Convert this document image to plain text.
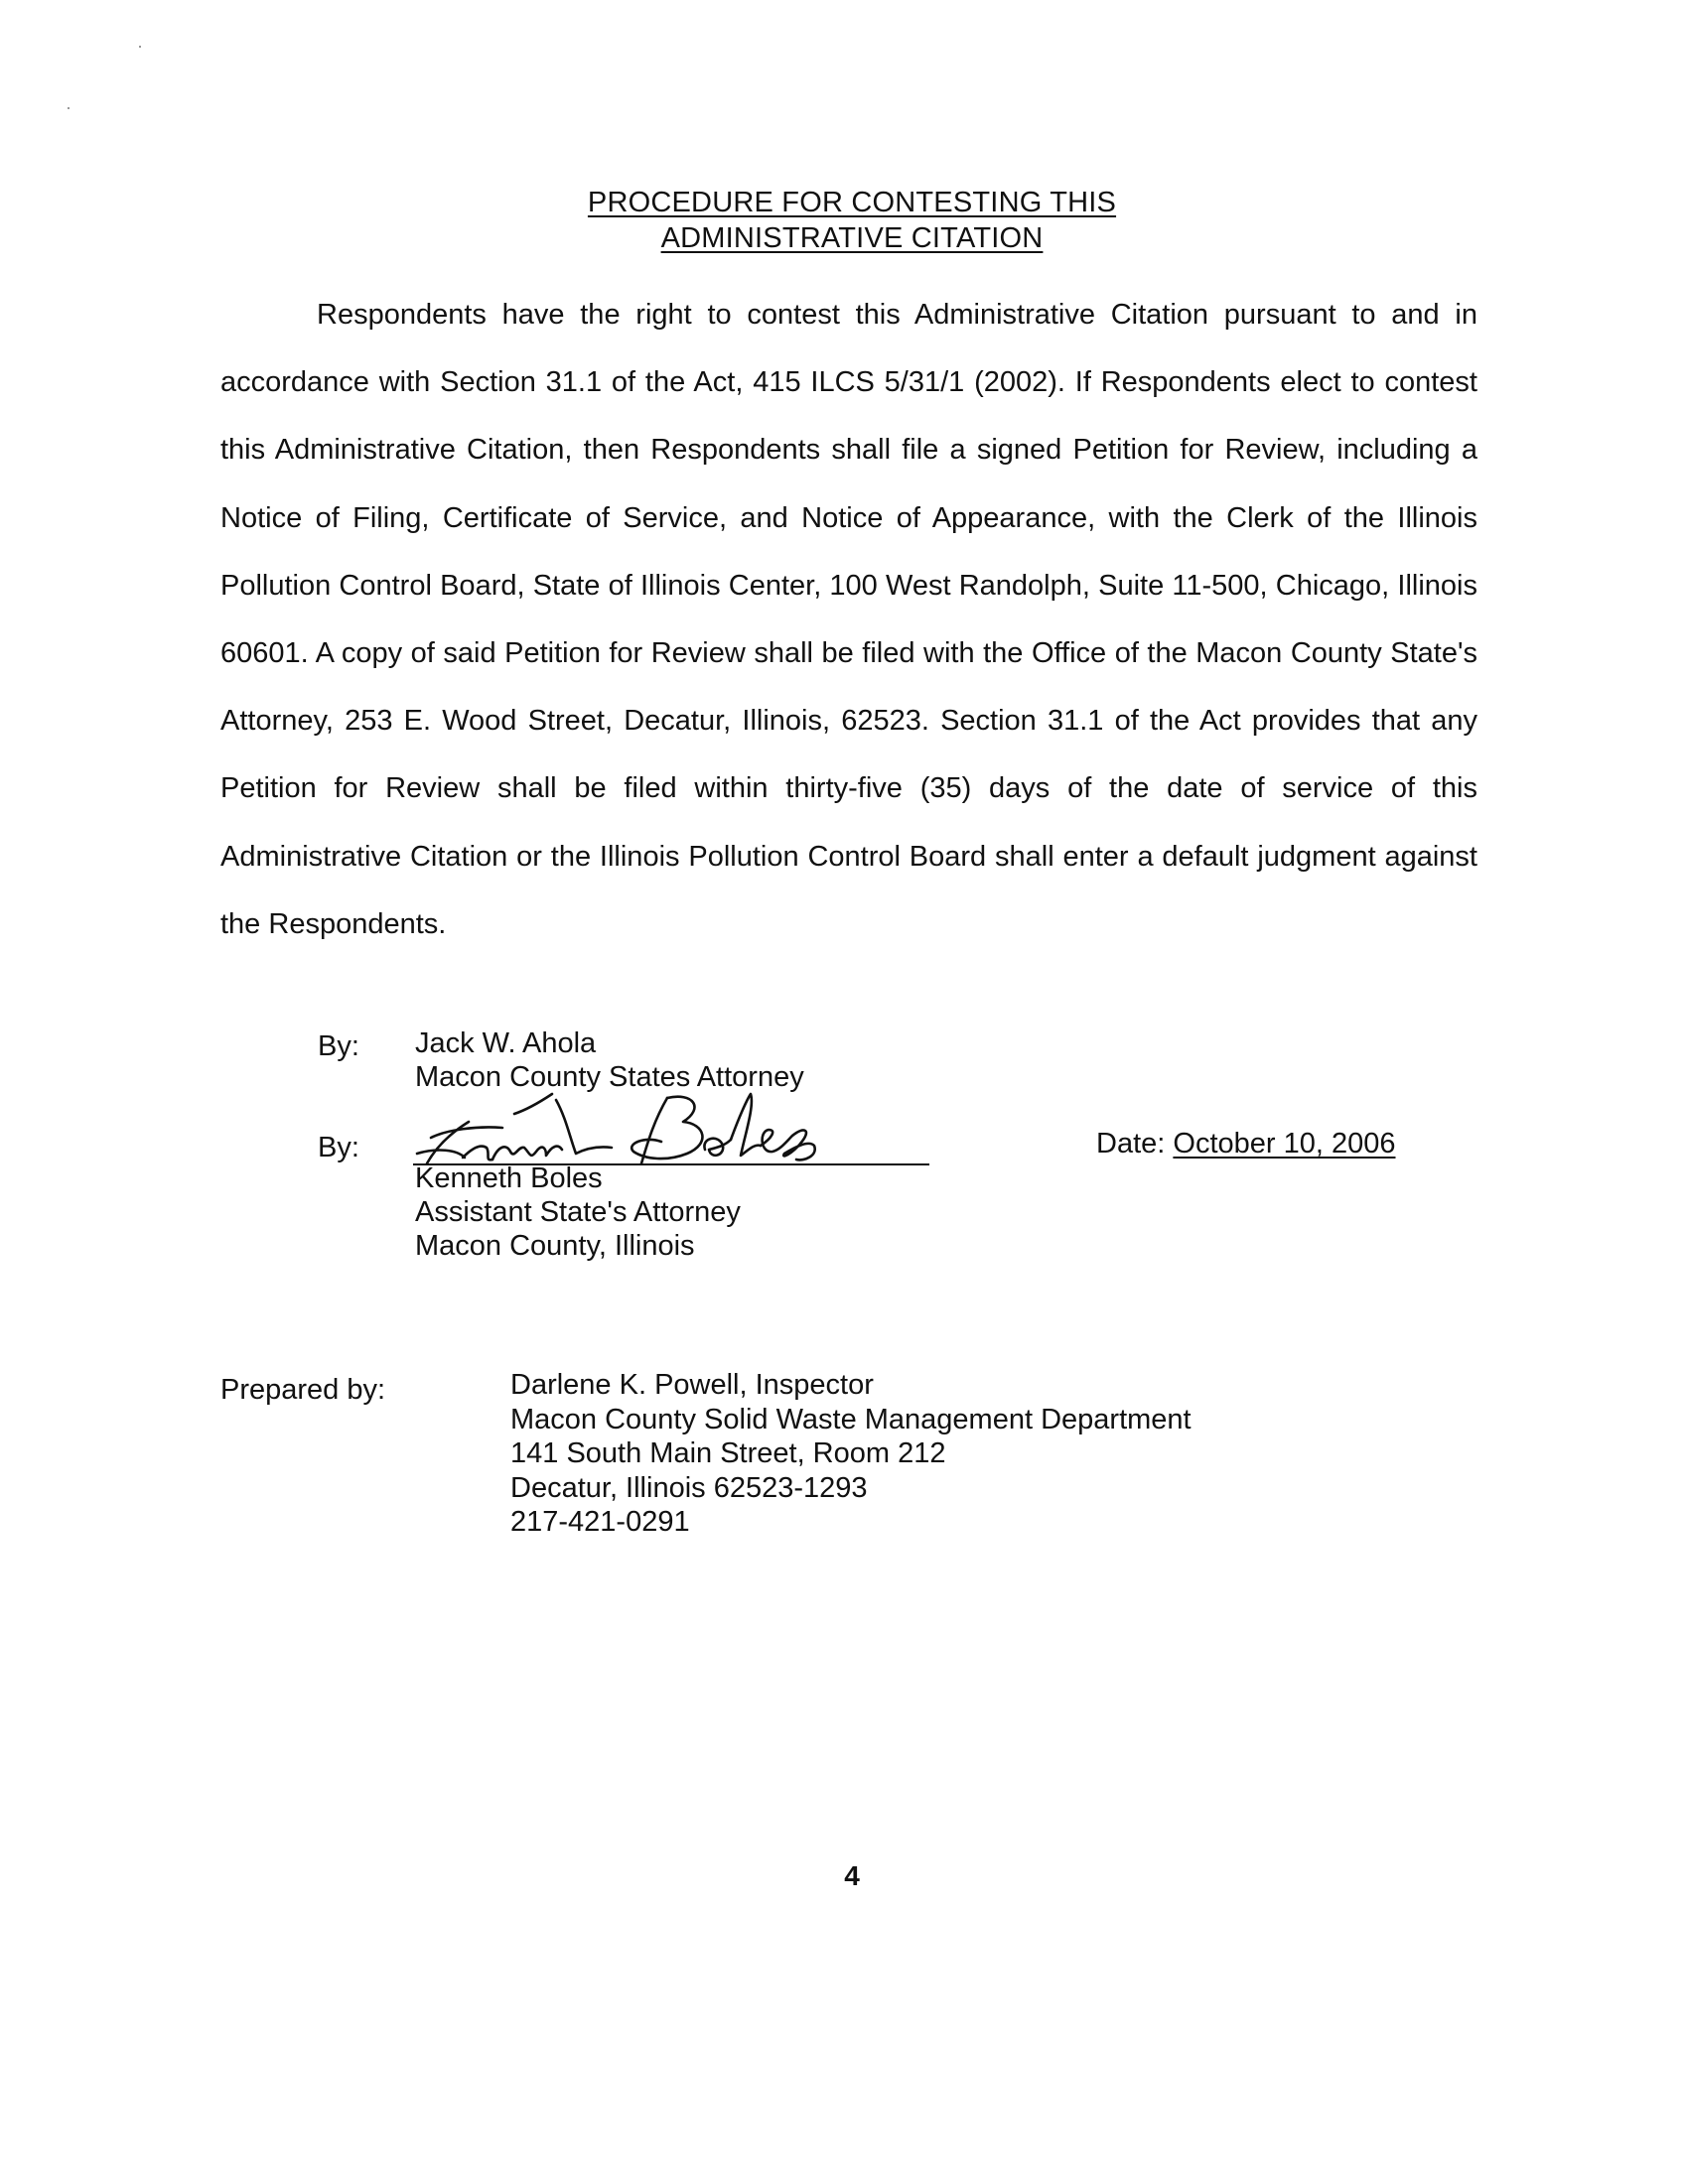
PROCEDURE FOR CONTESTING THIS
ADMINISTRATIVE CITATION

Respondents have the right to contest this Administrative Citation pursuant to and in accordance with Section 31.1 of the Act, 415 ILCS 5/31/1 (2002). If Respondents elect to contest this Administrative Citation, then Respondents shall file a signed Petition for Review, including a Notice of Filing, Certificate of Service, and Notice of Appearance, with the Clerk of the Illinois Pollution Control Board, State of Illinois Center, 100 West Randolph, Suite 11-500, Chicago, Illinois 60601. A copy of said Petition for Review shall be filed with the Office of the Macon County State's Attorney, 253 E. Wood Street, Decatur, Illinois, 62523. Section 31.1 of the Act provides that any Petition for Review shall be filed within thirty-five (35) days of the date of service of this Administrative Citation or the Illinois Pollution Control Board shall enter a default judgment against the Respondents.

By: Jack W. Ahola
Macon County States Attorney
By:
Kenneth Boles
Assistant State's Attorney
Macon County, Illinois
Date: October 10, 2006
Prepared by:	Darlene K. Powell, Inspector
Macon County Solid Waste Management Department
141 South Main Street, Room 212
Decatur, Illinois 62523-1293
217-421-0291
4
